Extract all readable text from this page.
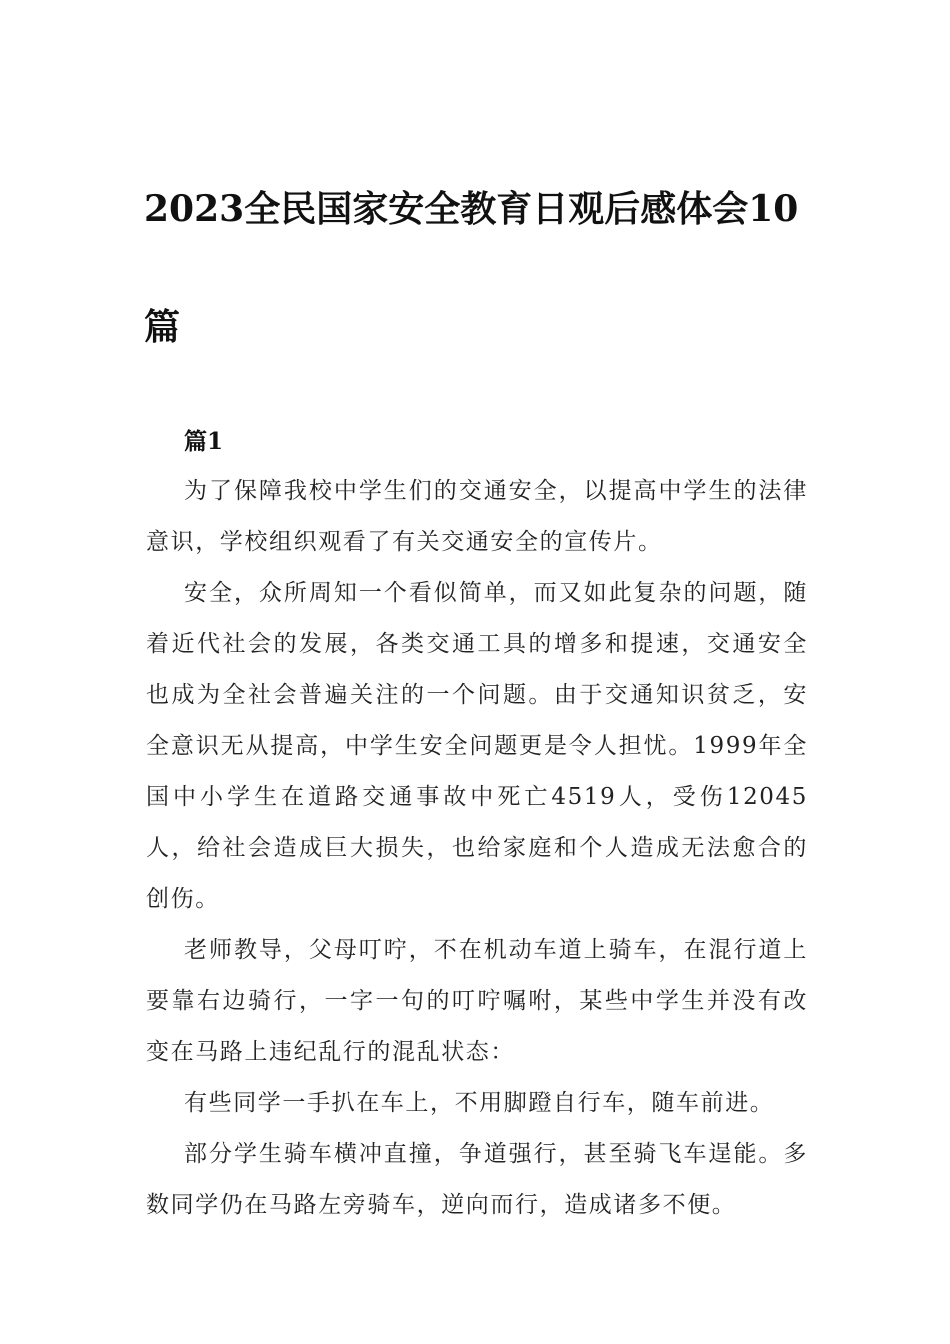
2023全民国家安全教育日观后感体会10篇

篇1

为了保障我校中学生们的交通安全，以提高中学生的法律意识，学校组织观看了有关交通安全的宣传片。

安全，众所周知一个看似简单，而又如此复杂的问题，随着近代社会的发展，各类交通工具的增多和提速，交通安全也成为全社会普遍关注的一个问题。由于交通知识贫乏，安全意识无从提高，中学生安全问题更是令人担忧。1999年全国中小学生在道路交通事故中死亡4519人，受伤12045人，给社会造成巨大损失，也给家庭和个人造成无法愈合的创伤。

老师教导，父母叮咛，不在机动车道上骑车，在混行道上要靠右边骑行，一字一句的叮咛嘱咐，某些中学生并没有改变在马路上违纪乱行的混乱状态：

有些同学一手扒在车上，不用脚蹬自行车，随车前进。

部分学生骑车横冲直撞，争道强行，甚至骑飞车逞能。多数同学仍在马路左旁骑车，逆向而行，造成诸多不便。
